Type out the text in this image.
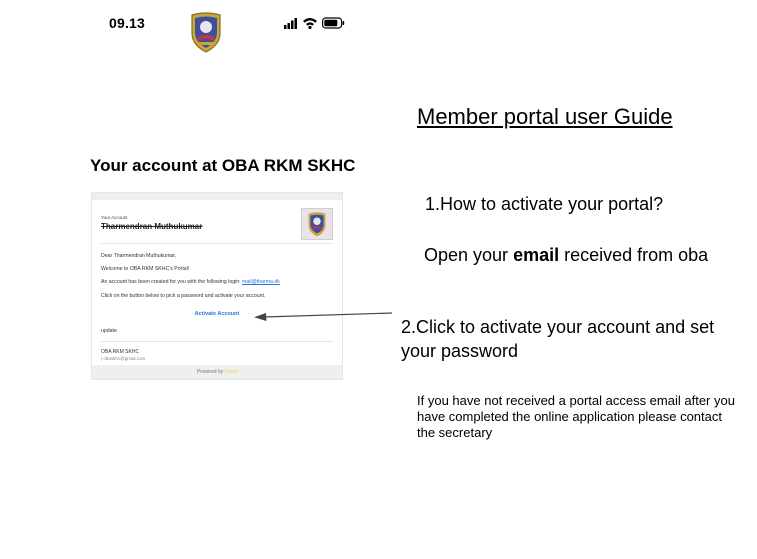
09.13
Your account at OBA RKM SKHC
Your Account
Tharmendran Muthukumar
Dear Tharmendran Muthukumar,
Welcome to OBA RKM SKHC's Portal!
An account has been created for you with the following login: mail@tharma.dk
Click on the button below to pick a password and activate your account.
Activate Account
update
OBA RKM SKHC
| obaskhc@gmail.com
Powered by Zenia
Member portal user Guide
1.How to activate your portal?
Open your email received from oba
2.Click to activate your account and set your password
If you have not received a portal access email after you have completed the online application please contact the secretary
